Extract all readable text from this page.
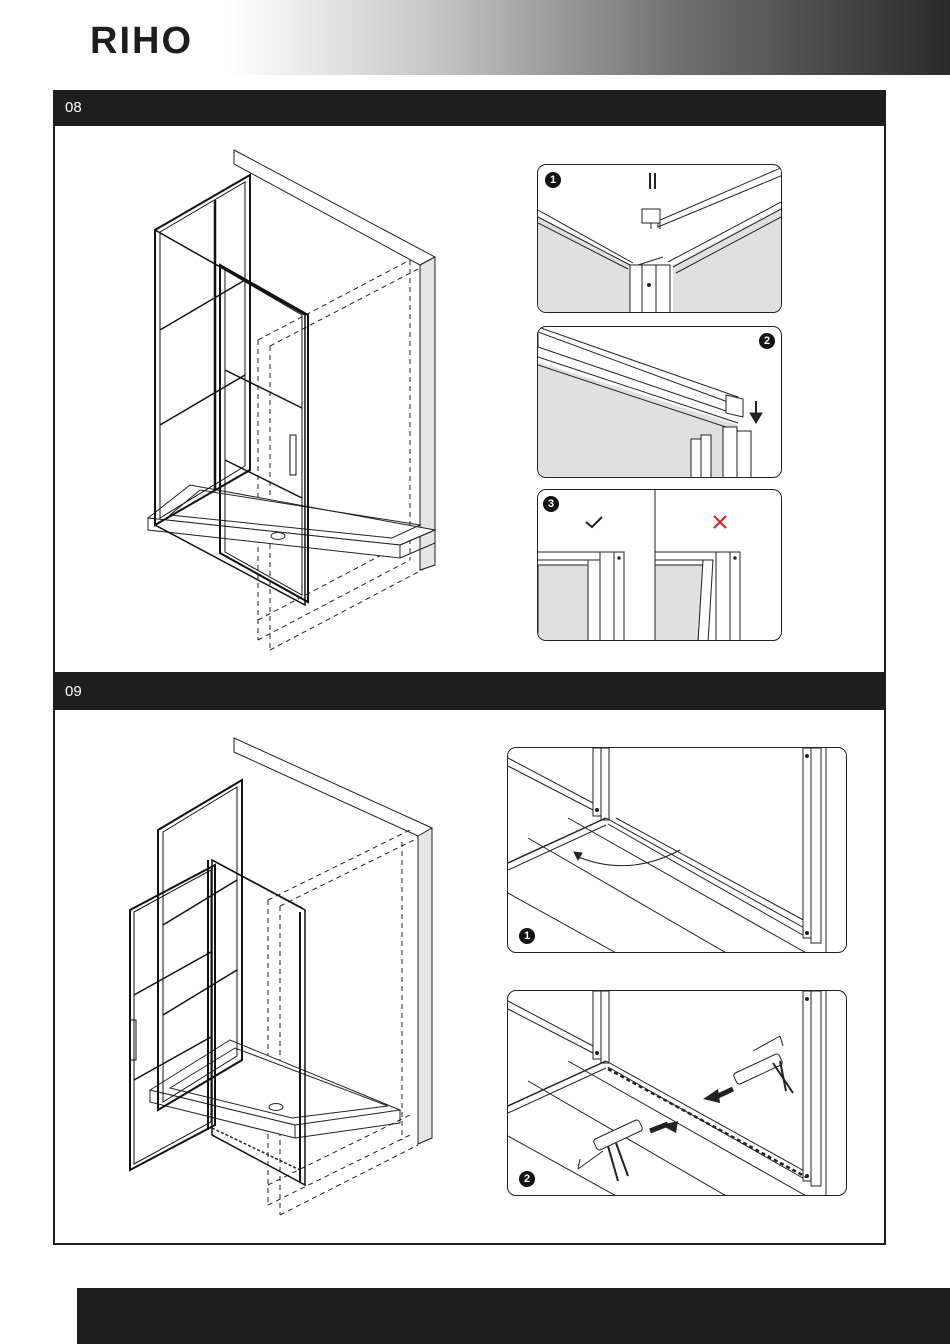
RIHO
08
1
2
3
09
1
2
